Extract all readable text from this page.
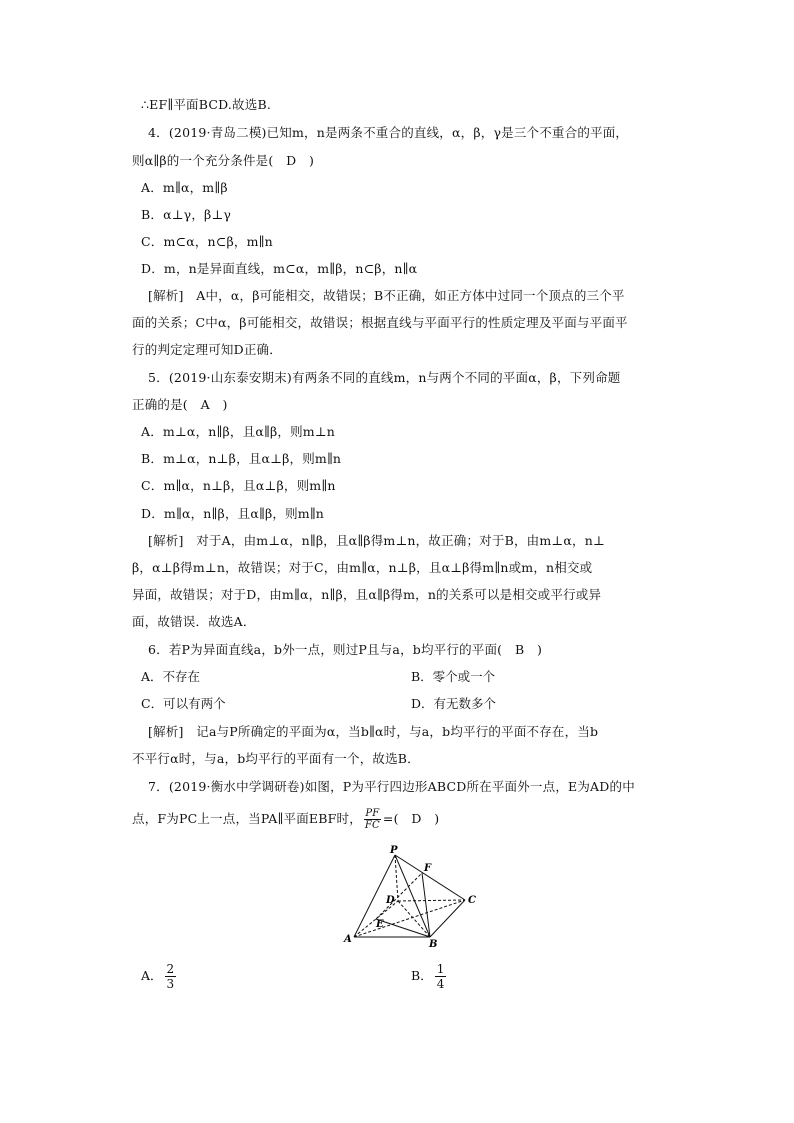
∴EF∥平面BCD.故选B.
4．(2019·青岛二模)已知m，n是两条不重合的直线，α，β，γ是三个不重合的平面，
则α∥β的一个充分条件是(　D　)
A．m∥α，m∥β
B．α⊥γ，β⊥γ
C．m⊂α，n⊂β，m∥n
D．m，n是异面直线，m⊂α，m∥β，n⊂β，n∥α
[解析]　A中，α，β可能相交，故错误；B不正确，如正方体中过同一个顶点的三个平
面的关系；C中α，β可能相交，故错误；根据直线与平面平行的性质定理及平面与平面平
行的判定定理可知D正确．
5．(2019·山东泰安期末)有两条不同的直线m，n与两个不同的平面α，β，下列命题
正确的是(　A　)
A．m⊥α，n∥β，且α∥β，则m⊥n
B．m⊥α，n⊥β，且α⊥β，则m∥n
C．m∥α，n⊥β，且α⊥β，则m∥n
D．m∥α，n∥β，且α∥β，则m∥n
[解析]　对于A，由m⊥α，n∥β，且α∥β得m⊥n，故正确；对于B，由m⊥α，n⊥
β，α⊥β得m⊥n，故错误；对于C，由m∥α，n⊥β，且α⊥β得m∥n或m，n相交或
异面，故错误；对于D，由m∥α，n∥β，且α∥β得m，n的关系可以是相交或平行或异
面，故错误．故选A．
6．若P为异面直线a，b外一点，则过P且与a，b均平行的平面(　B　)
A．不存在	B．零个或一个
C．可以有两个	D．有无数多个
[解析]　记a与P所确定的平面为α，当b∥α时，与a，b均平行的平面不存在，当b
不平行α时，与a，b均平行的平面有一个，故选B．
7．(2019·衡水中学调研卷)如图，P为平行四边形ABCD所在平面外一点，E为AD的中
点，F为PC上一点，当PA∥平面EBF时， $\frac{PF}{FC}$ =(　D　)
P
F
D	C
E
A	B
A． $\frac{2}{3}$	B． $\frac{1}{4}$
